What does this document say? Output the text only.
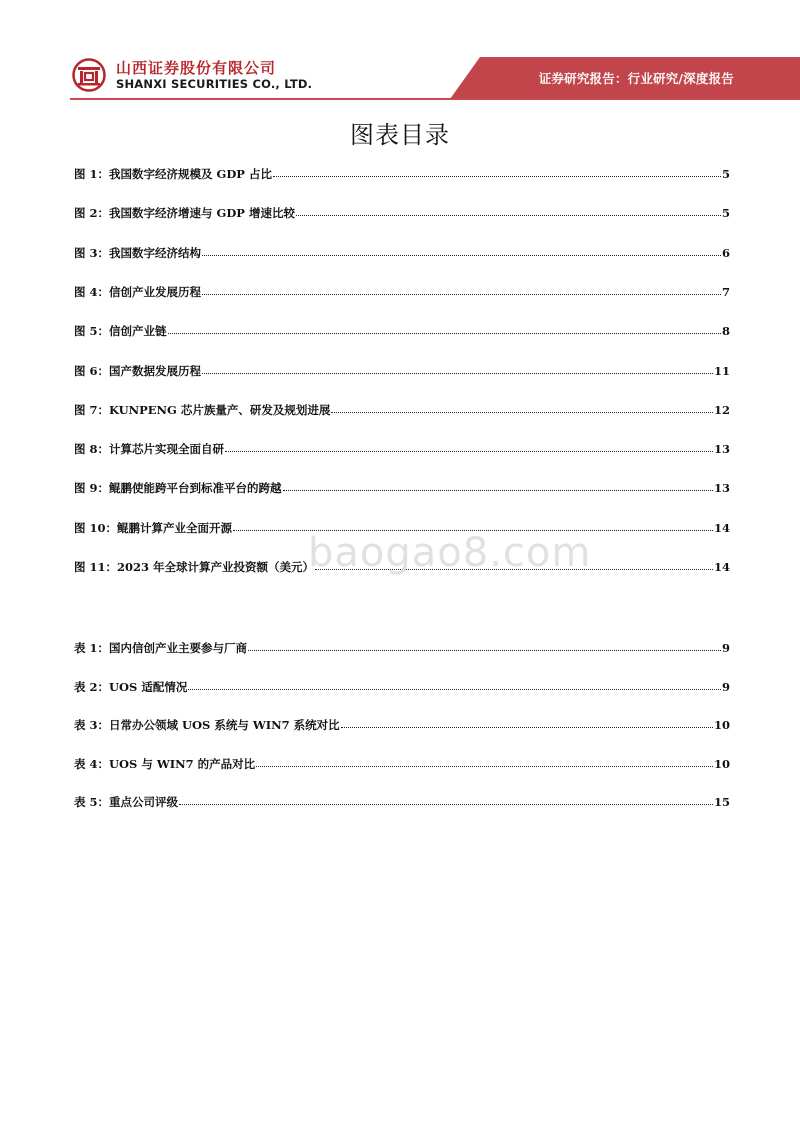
山西证券股份有限公司
SHANXI SECURITIES CO., LTD.	证券研究报告：行业研究/深度报告
图表目录
图 1：我国数字经济规模及 GDP 占比	5
图 2：我国数字经济增速与 GDP 增速比较	5
图 3：我国数字经济结构	6
图 4：信创产业发展历程	7
图 5：信创产业链	8
图 6：国产数据发展历程	11
图 7：KUNPENG 芯片族量产、研发及规划进展	12
图 8：计算芯片实现全面自研	13
图 9：鲲鹏使能跨平台到标准平台的跨越	13
图 10：鲲鹏计算产业全面开源	14
图 11：2023 年全球计算产业投资额（美元）	14
表 1：国内信创产业主要参与厂商	9
表 2：UOS 适配情况	9
表 3：日常办公领域 UOS 系统与 WIN7 系统对比	10
表 4：UOS 与 WIN7 的产品对比	10
表 5：重点公司评级	15
baogao8.com
